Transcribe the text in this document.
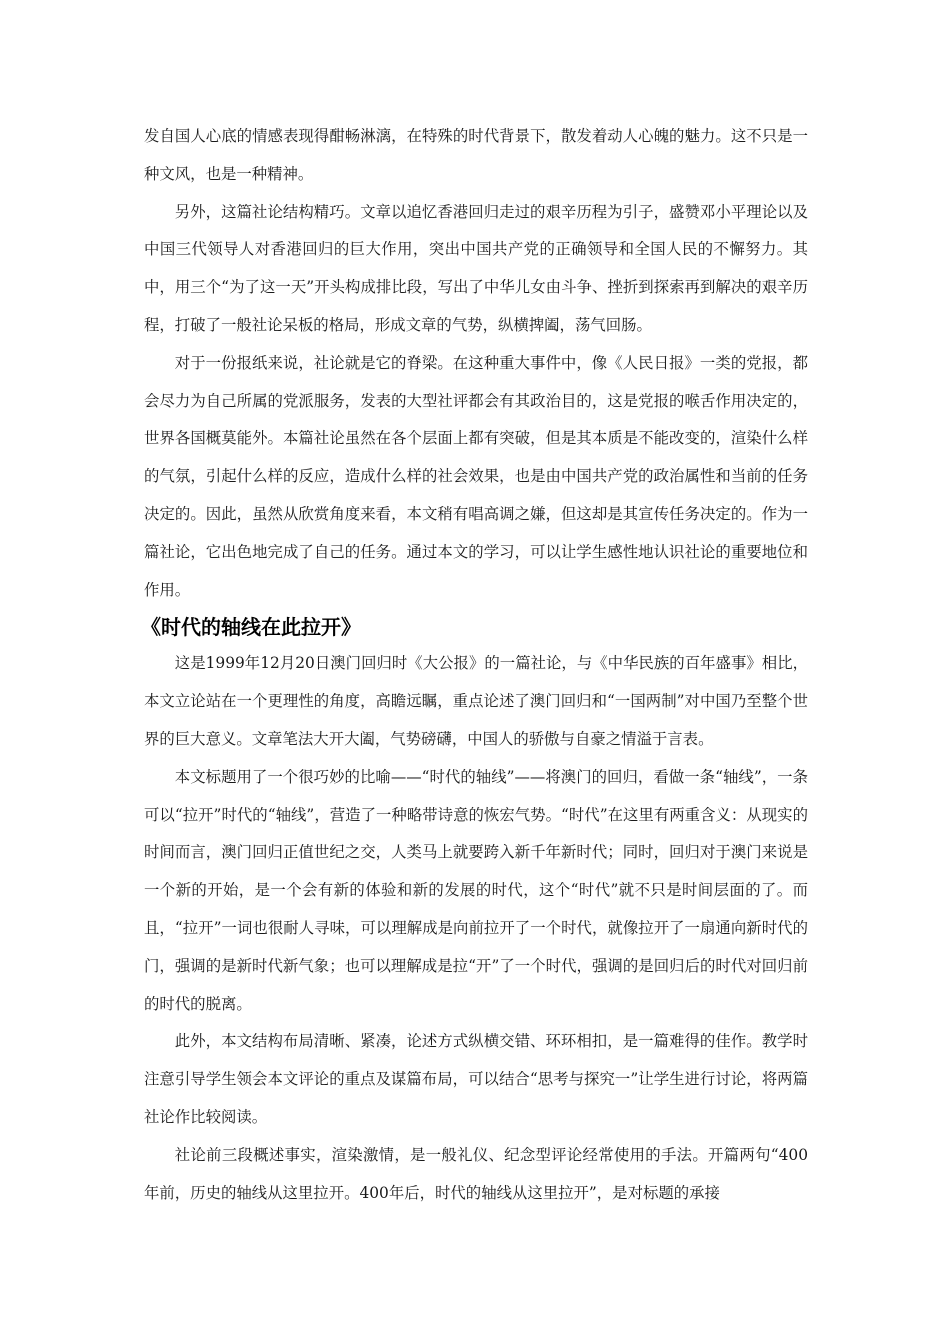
发自国人心底的情感表现得酣畅淋漓，在特殊的时代背景下，散发着动人心魄的魅力。这不只是一种文风，也是一种精神。

另外，这篇社论结构精巧。文章以追忆香港回归走过的艰辛历程为引子，盛赞邓小平理论以及中国三代领导人对香港回归的巨大作用，突出中国共产党的正确领导和全国人民的不懈努力。其中，用三个“为了这一天”开头构成排比段，写出了中华儿女由斗争、挫折到探索再到解决的艰辛历程，打破了一般社论呆板的格局，形成文章的气势，纵横捭阖，荡气回肠。

对于一份报纸来说，社论就是它的脊梁。在这种重大事件中，像《人民日报》一类的党报，都会尽力为自己所属的党派服务，发表的大型社评都会有其政治目的，这是党报的喉舌作用决定的，世界各国概莫能外。本篇社论虽然在各个层面上都有突破，但是其本质是不能改变的，渲染什么样的气氛，引起什么样的反应，造成什么样的社会效果，也是由中国共产党的政治属性和当前的任务决定的。因此，虽然从欣赏角度来看，本文稍有唱高调之嫌，但这却是其宣传任务决定的。作为一篇社论，它出色地完成了自己的任务。通过本文的学习，可以让学生感性地认识社论的重要地位和作用。

《时代的轴线在此拉开》

这是1999年12月20日澳门回归时《大公报》的一篇社论，与《中华民族的百年盛事》相比，本文立论站在一个更理性的角度，高瞻远瞩，重点论述了澳门回归和“一国两制”对中国乃至整个世界的巨大意义。文章笔法大开大阖，气势磅礴，中国人的骄傲与自豪之情溢于言表。

本文标题用了一个很巧妙的比喻——“时代的轴线”——将澳门的回归，看做一条“轴线”，一条可以“拉开”时代的“轴线”，营造了一种略带诗意的恢宏气势。“时代”在这里有两重含义：从现实的时间而言，澳门回归正值世纪之交，人类马上就要跨入新千年新时代；同时，回归对于澳门来说是一个新的开始，是一个会有新的体验和新的发展的时代，这个“时代”就不只是时间层面的了。而且，“拉开”一词也很耐人寻味，可以理解成是向前拉开了一个时代，就像拉开了一扇通向新时代的门，强调的是新时代新气象；也可以理解成是拉“开”了一个时代，强调的是回归后的时代对回归前的时代的脱离。

此外，本文结构布局清晰、紧凑，论述方式纵横交错、环环相扣，是一篇难得的佳作。教学时注意引导学生领会本文评论的重点及谋篇布局，可以结合“思考与探究一”让学生进行讨论，将两篇社论作比较阅读。

社论前三段概述事实，渲染激情，是一般礼仪、纪念型评论经常使用的手法。开篇两句“400年前，历史的轴线从这里拉开。400年后，时代的轴线从这里拉开”，是对标题的承接
